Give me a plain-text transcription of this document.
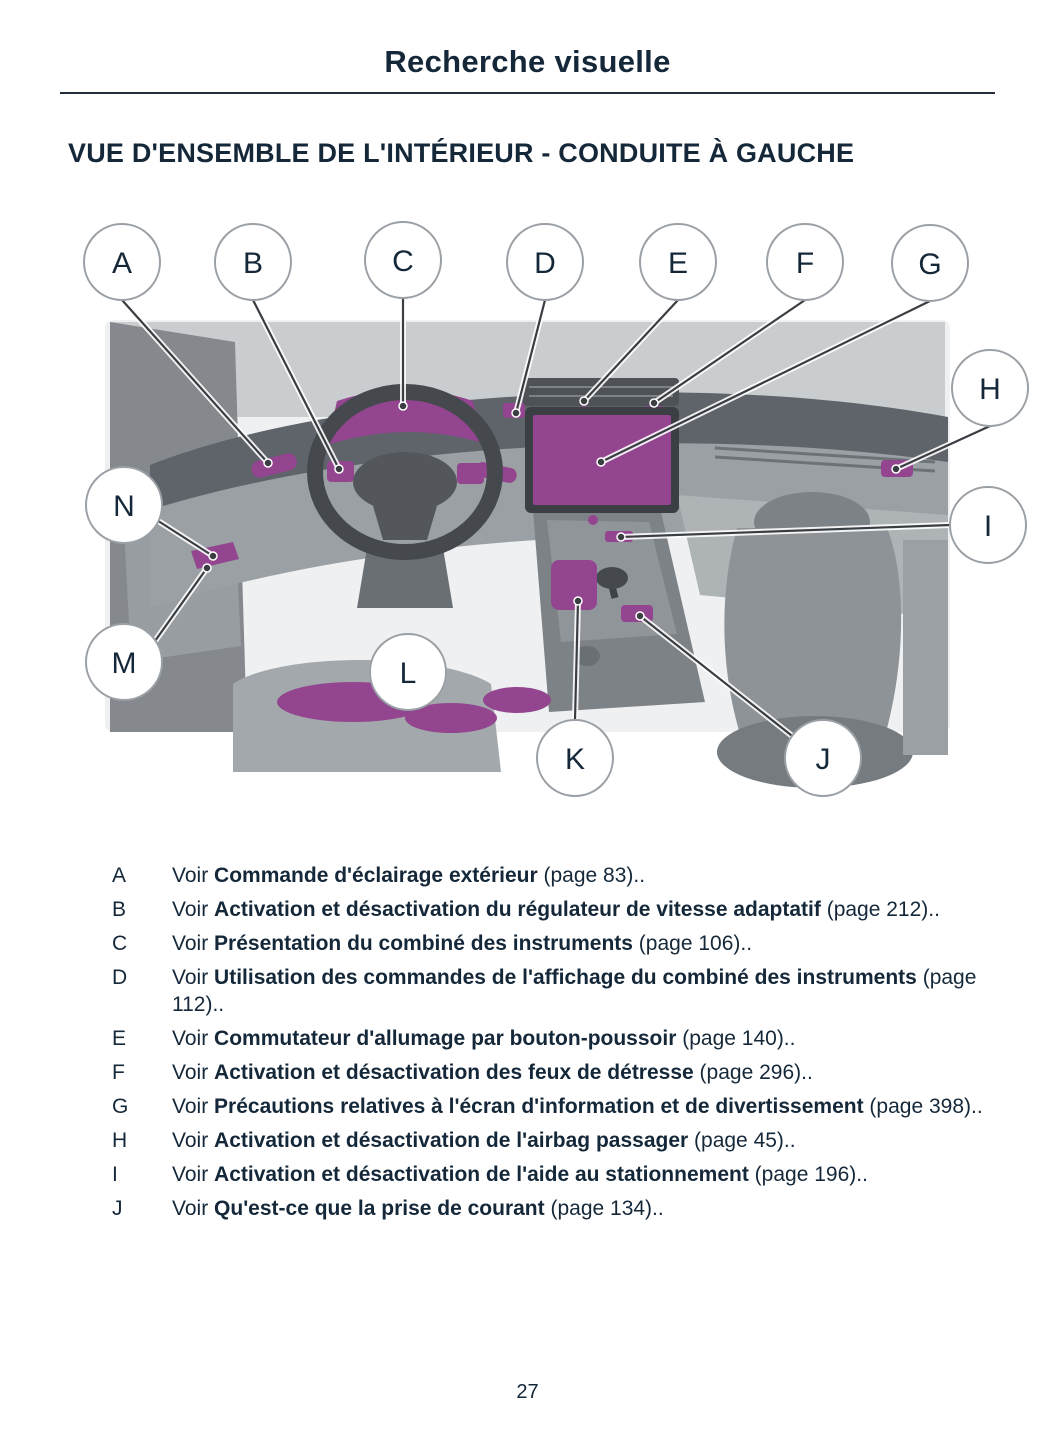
Recherche visuelle
VUE D'ENSEMBLE DE L'INTÉRIEUR - CONDUITE À GAUCHE
A	B	C	D	E	F	G
H
I
J
K
L
M
N
A	Voir Commande d'éclairage extérieur (page 83)..
B	Voir Activation et désactivation du régulateur de vitesse adaptatif (page 212)..
C	Voir Présentation du combiné des instruments (page 106)..
D	Voir Utilisation des commandes de l'affichage du combiné des instruments (page 112)..
E	Voir Commutateur d'allumage par bouton-poussoir (page 140)..
F	Voir Activation et désactivation des feux de détresse (page 296)..
G	Voir Précautions relatives à l'écran d'information et de divertissement (page 398)..
H	Voir Activation et désactivation de l'airbag passager (page 45)..
I	Voir Activation et désactivation de l'aide au stationnement (page 196)..
J	Voir Qu'est-ce que la prise de courant (page 134)..
27
